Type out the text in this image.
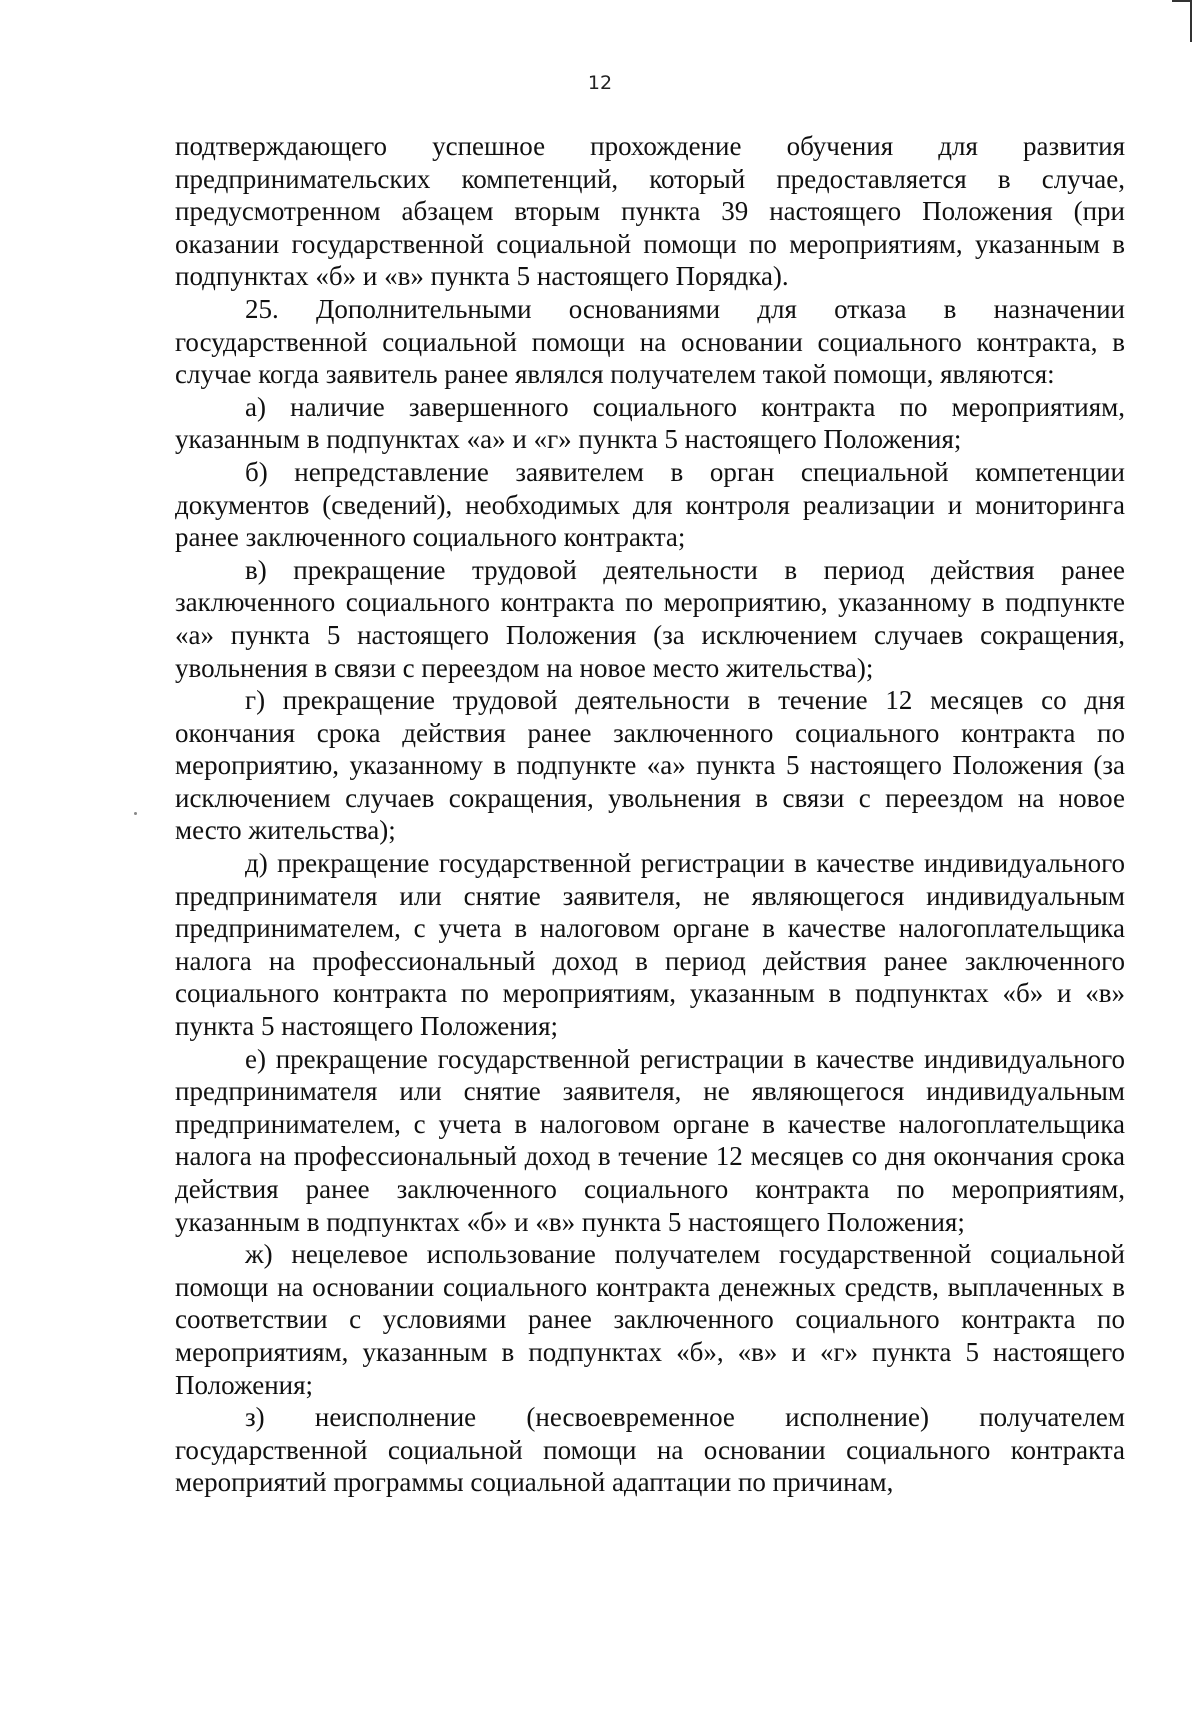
12

подтверждающего успешное прохождение обучения для развития предпринимательских компетенций, который предоставляется в случае, предусмотренном абзацем вторым пункта 39 настоящего Положения (при оказании государственной социальной помощи по мероприятиям, указанным в подпунктах «б» и «в» пункта 5 настоящего Порядка).

25. Дополнительными основаниями для отказа в назначении государственной социальной помощи на основании социального контракта, в случае когда заявитель ранее являлся получателем такой помощи, являются:

а) наличие завершенного социального контракта по мероприятиям, указанным в подпунктах «а» и «г» пункта 5 настоящего Положения;

б) непредставление заявителем в орган специальной компетенции документов (сведений), необходимых для контроля реализации и мониторинга ранее заключенного социального контракта;

в) прекращение трудовой деятельности в период действия ранее заключенного социального контракта по мероприятию, указанному в подпункте «а» пункта 5 настоящего Положения (за исключением случаев сокращения, увольнения в связи с переездом на новое место жительства);

г) прекращение трудовой деятельности в течение 12 месяцев со дня окончания срока действия ранее заключенного социального контракта по мероприятию, указанному в подпункте «а» пункта 5 настоящего Положения (за исключением случаев сокращения, увольнения в связи с переездом на новое место жительства);

д) прекращение государственной регистрации в качестве индивидуального предпринимателя или снятие заявителя, не являющегося индивидуальным предпринимателем, с учета в налоговом органе в качестве налогоплательщика налога на профессиональный доход в период действия ранее заключенного социального контракта по мероприятиям, указанным в подпунктах «б» и «в» пункта 5 настоящего Положения;

е) прекращение государственной регистрации в качестве индивидуального предпринимателя или снятие заявителя, не являющегося индивидуальным предпринимателем, с учета в налоговом органе в качестве налогоплательщика налога на профессиональный доход в течение 12 месяцев со дня окончания срока действия ранее заключенного социального контракта по мероприятиям, указанным в подпунктах «б» и «в» пункта 5 настоящего Положения;

ж) нецелевое использование получателем государственной социальной помощи на основании социального контракта денежных средств, выплаченных в соответствии с условиями ранее заключенного социального контракта по мероприятиям, указанным в подпунктах «б», «в» и «г» пункта 5 настоящего Положения;

з) неисполнение (несвоевременное исполнение) получателем государственной социальной помощи на основании социального контракта мероприятий программы социальной адаптации по причинам,
